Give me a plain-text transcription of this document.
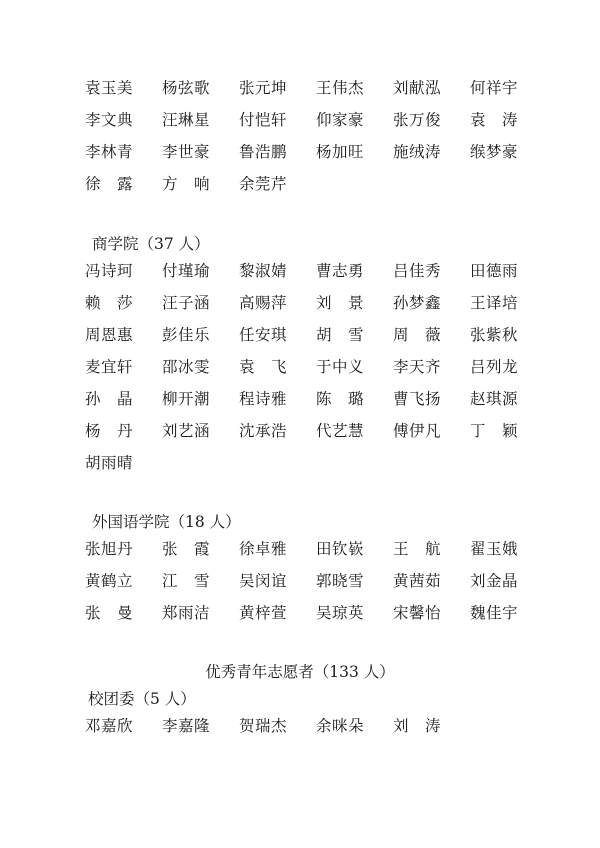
袁玉美 杨弦歌 张元坤 王伟杰 刘献泓 何祥宇
李文典 汪琳星 付恺轩 仰家豪 张万俊 袁　涛
李林青 李世豪 鲁浩鹏 杨加旺 施绒涛 缑梦豪
徐　露 方　响 余莞芹
商学院（37 人）
冯诗珂 付瑾瑜 黎淑婧 曹志勇 吕佳秀 田德雨
赖　莎 汪子涵 高赐萍 刘　景 孙梦鑫 王译培
周恩惠 彭佳乐 任安琪 胡　雪 周　薇 张紫秋
麦宜轩 邵冰雯 袁　飞 于中义 李天齐 吕列龙
孙　晶 柳开潮 程诗雅 陈　璐 曹飞扬 赵琪源
杨　丹 刘艺涵 沈承浩 代艺慧 傅伊凡 丁　颖
胡雨晴
外国语学院（18 人）
张旭丹 张　霞 徐卓雅 田钦嵚 王　航 翟玉娥
黄鹤立 江　雪 吴闵谊 郭晓雪 黄茜茹 刘金晶
张　曼 郑雨洁 黄梓萱 吴琼英 宋馨怡 魏佳宇
优秀青年志愿者（133 人）
校团委（5 人）
邓嘉欣 李嘉隆 贺瑞杰 余咪朵 刘　涛
